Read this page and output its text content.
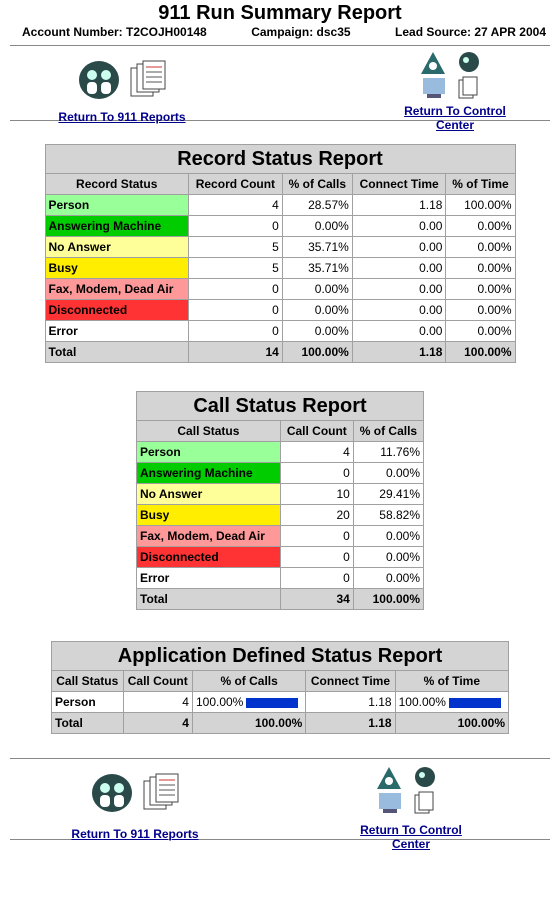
911 Run Summary Report
Account Number: T2COJH00148	Campaign: dsc35	Lead Source: 27 APR 2004
Return To 911 Reports	Return To Control Center
Record Status Report				
Record Status	Record Count	% of Calls	Connect Time	% of Time
Person	4	28.57%	1.18	100.00%
Answering Machine	0	0.00%	0.00	0.00%
No Answer	5	35.71%	0.00	0.00%
Busy	5	35.71%	0.00	0.00%
Fax, Modem, Dead Air	0	0.00%	0.00	0.00%
Disconnected	0	0.00%	0.00	0.00%
Error	0	0.00%	0.00	0.00%
Total	14	100.00%	1.18	100.00%
Call Status Report		
Call Status	Call Count	% of Calls
Person	4	11.76%
Answering Machine	0	0.00%
No Answer	10	29.41%
Busy	20	58.82%
Fax, Modem, Dead Air	0	0.00%
Disconnected	0	0.00%
Error	0	0.00%
Total	34	100.00%
Application Defined Status Report				
Call Status	Call Count	% of Calls	Connect Time	% of Time
Person	4	100.00%	1.18	100.00%
Total	4	100.00%	1.18	100.00%
Return To 911 Reports	Return To Control Center
